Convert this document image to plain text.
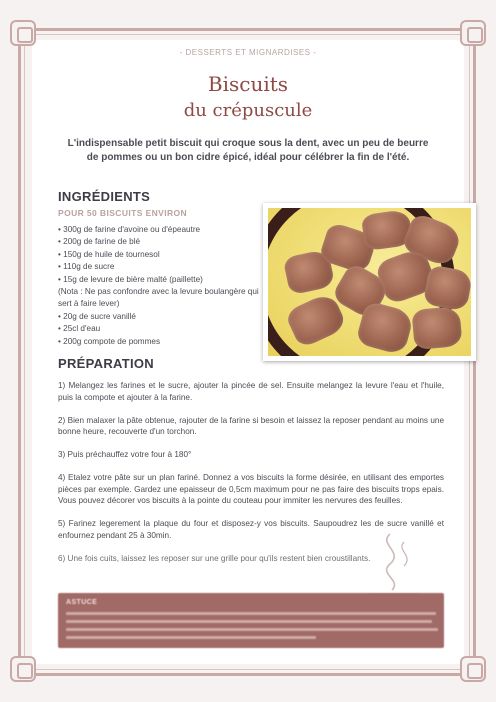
- DESSERTS ET MIGNARDISES -
Biscuits
du crépuscule
L'indispensable petit biscuit qui croque sous la dent, avec un peu de beurre de pommes ou un bon cidre épicé, idéal pour célébrer la fin de l'été.
INGRÉDIENTS
POUR 50 BISCUITS ENVIRON
• 300g de farine d'avoine ou d'épeautre
• 200g de farine de blé
• 150g de huile de tournesol
• 110g de sucre
• 15g de levure de bière malté (paillette)
(Nota : Ne pas confondre avec la levure boulangère qui sert à faire lever)
• 20g de sucre vanillé
• 25cl d'eau
• 200g compote de pommes
PRÉPARATION

1) Melangez les farines et le sucre, ajouter la pincée de sel. Ensuite melangez la levure l'eau et l'huile, puis la compote et ajouter à la farine.

2) Bien malaxer la pâte obtenue, rajouter de la farine si besoin et laissez la reposer pendant au moins une bonne heure, recouverte d'un torchon.

3) Puis préchauffez votre four à 180°

4) Etalez votre pâte sur un plan fariné. Donnez a vos biscuits la forme désirée, en utilisant des emportes pièces par exemple. Gardez une epaisseur de 0,5cm maximum pour ne pas faire des biscuits trops epais. Vous pouvez décorer vos biscuits à la pointe du couteau pour immiter les nervures des feuilles.

5) Farinez legerement la plaque du four et disposez-y vos biscuits. Saupoudrez les de sucre vanillé et enfournez pendant 25 à 30min.

6) Une fois cuits, laissez les reposer sur une grille pour qu'ils restent bien croustillants.

ASTUCE
